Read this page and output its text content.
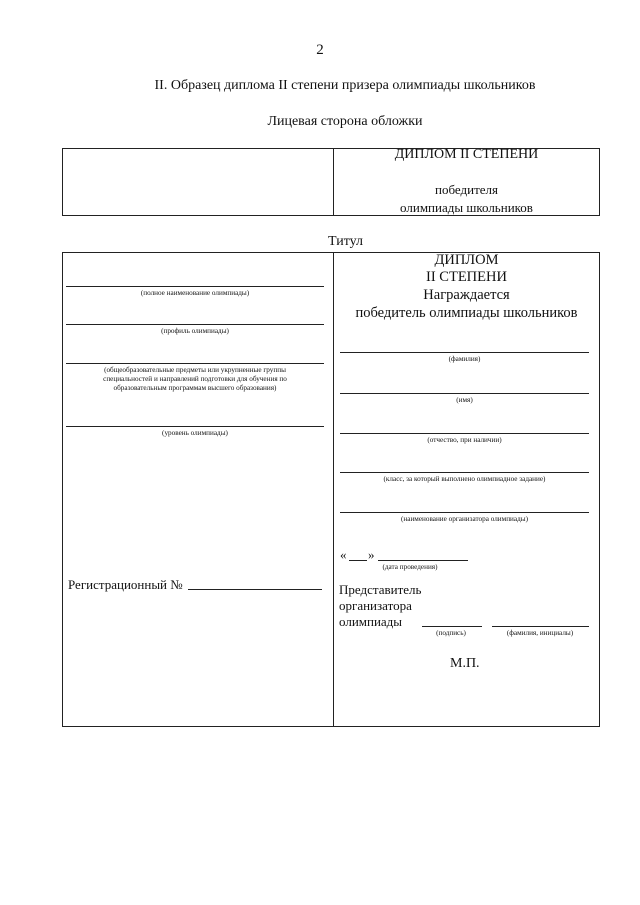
2
II. Образец диплома II степени призера олимпиады школьников
Лицевая сторона обложки
ДИПЛОМ II СТЕПЕНИ
победителя
олимпиады школьников
Титул
(полное наименование олимпиады)
(профиль олимпиады)
(общеобразовательные предметы или укрупненные группы специальностей и направлений подготовки для обучения по образовательным программам высшего образования)
(уровень олимпиады)
Регистрационный №
ДИПЛОМ
II СТЕПЕНИ
Награждается
победитель олимпиады школьников
(фамилия)
(имя)
(отчество, при наличии)
(класс, за который выполнено олимпиадное задание)
(наименование организатора олимпиады)
« »
(дата проведения)
Представитель
организатора
олимпиады
(подпись)	(фамилия, инициалы)
М.П.
